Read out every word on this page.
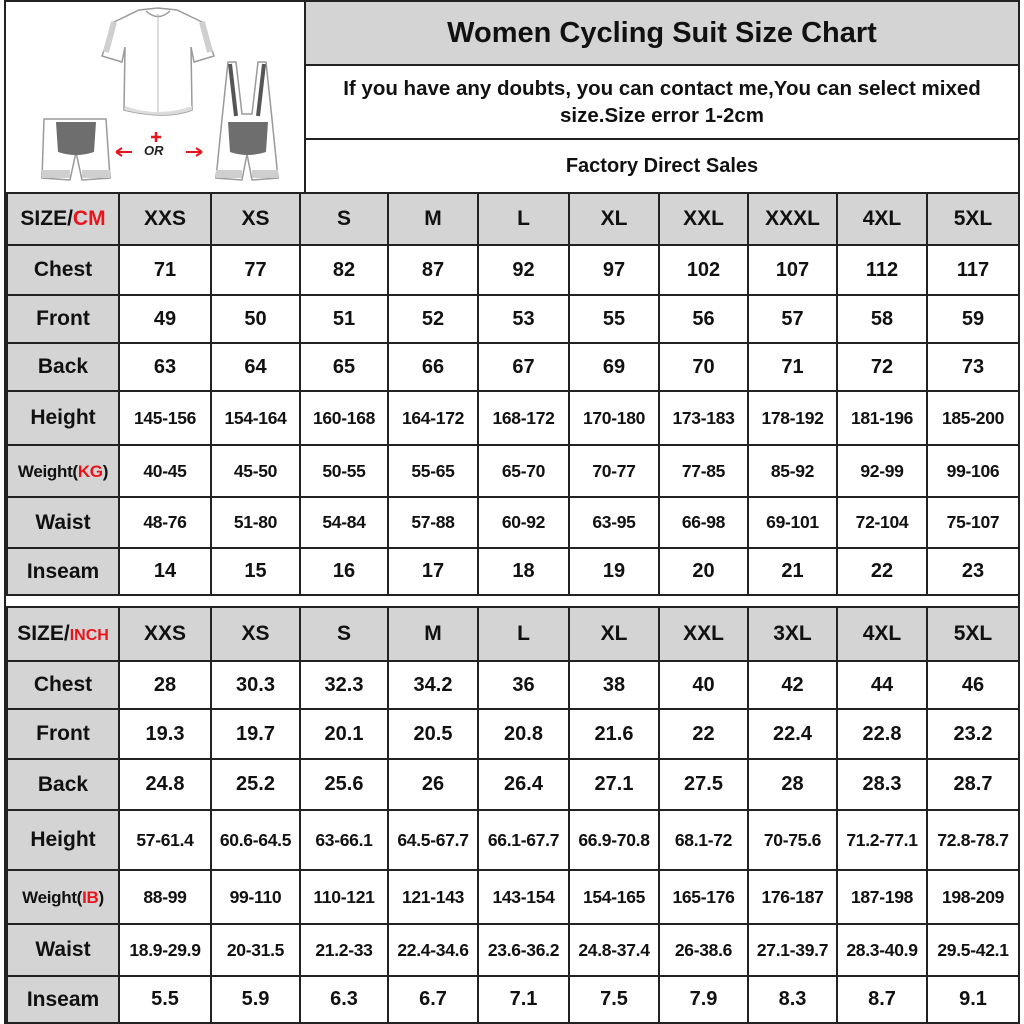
OR
Women Cycling Suit Size Chart
If you have any doubts, you can contact me,You can select mixed size.Size error 1-2cm
Factory Direct Sales
SIZE/CM	XXS	XS	S	M	L	XL	XXL	XXXL	4XL	5XL
Chest	71	77	82	87	92	97	102	107	112	117
Front	49	50	51	52	53	55	56	57	58	59
Back	63	64	65	66	67	69	70	71	72	73
Height	145-156	154-164	160-168	164-172	168-172	170-180	173-183	178-192	181-196	185-200
Weight(KG)	40-45	45-50	50-55	55-65	65-70	70-77	77-85	85-92	92-99	99-106
Waist	48-76	51-80	54-84	57-88	60-92	63-95	66-98	69-101	72-104	75-107
Inseam	14	15	16	17	18	19	20	21	22	23
SIZE/INCH	XXS	XS	S	M	L	XL	XXL	3XL	4XL	5XL
Chest	28	30.3	32.3	34.2	36	38	40	42	44	46
Front	19.3	19.7	20.1	20.5	20.8	21.6	22	22.4	22.8	23.2
Back	24.8	25.2	25.6	26	26.4	27.1	27.5	28	28.3	28.7
Height	57-61.4	60.6-64.5	63-66.1	64.5-67.7	66.1-67.7	66.9-70.8	68.1-72	70-75.6	71.2-77.1	72.8-78.7
Weight(IB)	88-99	99-110	110-121	121-143	143-154	154-165	165-176	176-187	187-198	198-209
Waist	18.9-29.9	20-31.5	21.2-33	22.4-34.6	23.6-36.2	24.8-37.4	26-38.6	27.1-39.7	28.3-40.9	29.5-42.1
Inseam	5.5	5.9	6.3	6.7	7.1	7.5	7.9	8.3	8.7	9.1
